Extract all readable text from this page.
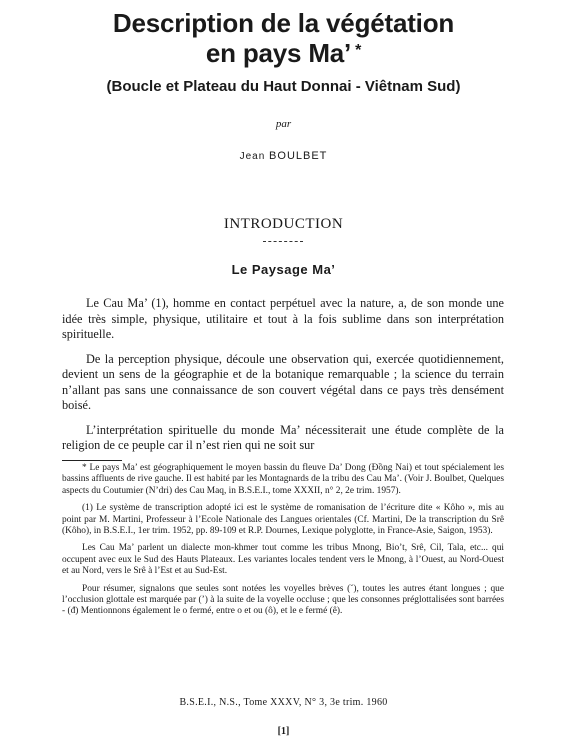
Description de la végétation
en pays Ma’ *
(Boucle et Plateau du Haut Donnai - Viêtnam Sud)
par
Jean BOULBET
INTRODUCTION
Le Paysage Ma’

Le Cau Ma’ (1), homme en contact perpétuel avec la nature, a, de son monde une idée très simple, physique, utilitaire et tout à la fois sublime dans son interprétation spirituelle.

De la perception physique, découle une observation qui, exercée quotidiennement, devient un sens de la géographie et de la botanique remarquable ; la science du terrain n’allant pas sans une connaissance de son couvert végétal dans ce pays très densément boisé.

L’interprétation spirituelle du monde Ma’ nécessiterait une étude complète de la religion de ce peuple car il n’est rien qui ne soit sur

* Le pays Ma’ est géographiquement le moyen bassin du fleuve Da’ Dong (Đồng Nai) et tout spécialement les bassins affluents de rive gauche. Il est habité par les Montagnards de la tribu des Cau Ma’. (Voir J. Boulbet, Quelques aspects du Coutumier (N’dri) des Cau Maq, in B.S.E.I., tome XXXII, n° 2, 2e trim. 1957).

(1) Le système de transcription adopté ici est le système de romanisation de l’écriture dite « Kôho », mis au point par M. Martini, Professeur à l’Ecole Nationale des Langues orientales (Cf. Martini, De la transcription du Srê (Kôho), in B.S.E.I., 1er trim. 1952, pp. 89-109 et R.P. Dournes, Lexique polyglotte, in France-Asie, Saigon, 1953).

Les Cau Ma’ parlent un dialecte mon-khmer tout comme les tribus Mnong, Bio’t, Srê, Cil, Tala, etc... qui occupent avec eux le Sud des Hauts Plateaux. Les variantes locales tendent vers le Mnong, à l’Ouest, au Nord-Ouest et au Nord, vers le Srê à l’Est et au Sud-Est.

Pour résumer, signalons que seules sont notées les voyelles brèves (˘), toutes les autres étant longues ; que l’occlusion glottale est marquée par (’) à la suite de la voyelle occluse ; que les consonnes préglottalisées sont barrées - (đ) Mentionnons également le o fermé, entre o et ou (ô), et le e fermé (ê).

B.S.E.I., N.S., Tome XXXV, N° 3, 3e trim. 1960
[1]
